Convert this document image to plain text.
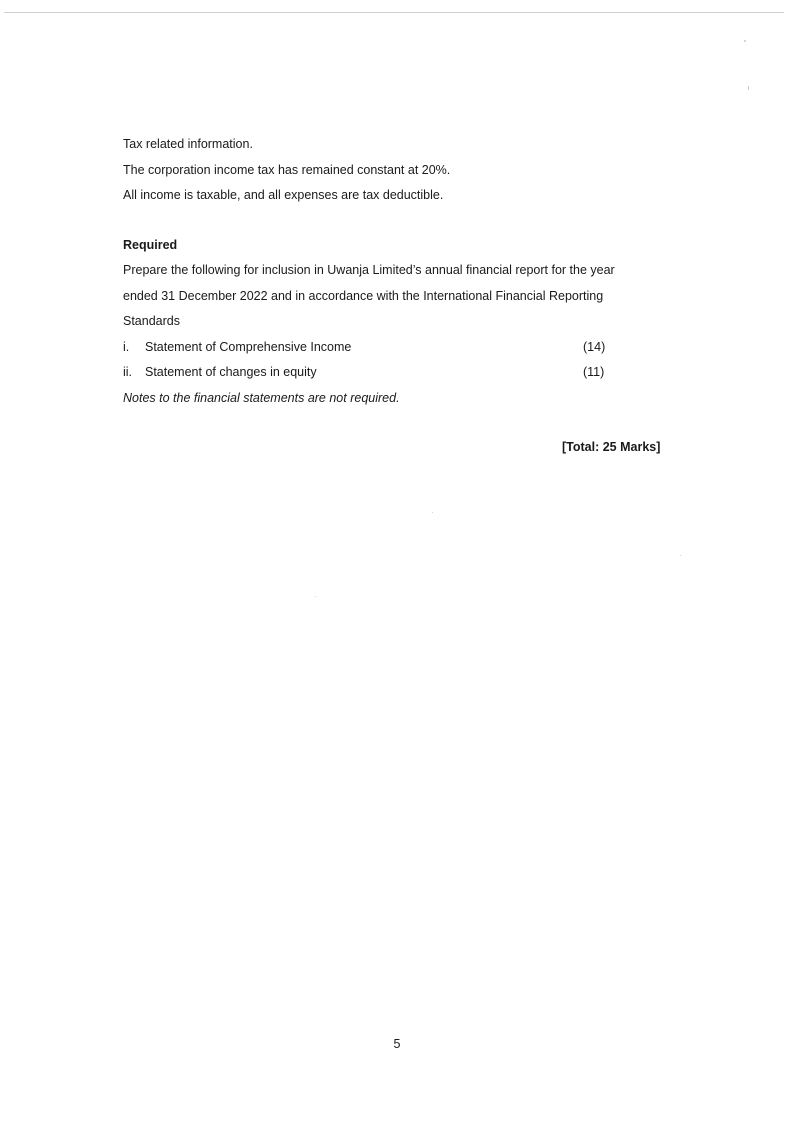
Tax related information.
The corporation income tax has remained constant at 20%.
All income is taxable, and all expenses are tax deductible.
Required
Prepare the following for inclusion in Uwanja Limited’s annual financial report for the year
ended 31 December 2022 and in accordance with the International Financial Reporting
Standards
i. Statement of Comprehensive Income	(14)
ii. Statement of changes in equity	(11)
Notes to the financial statements are not required.
[Total: 25 Marks]
5
